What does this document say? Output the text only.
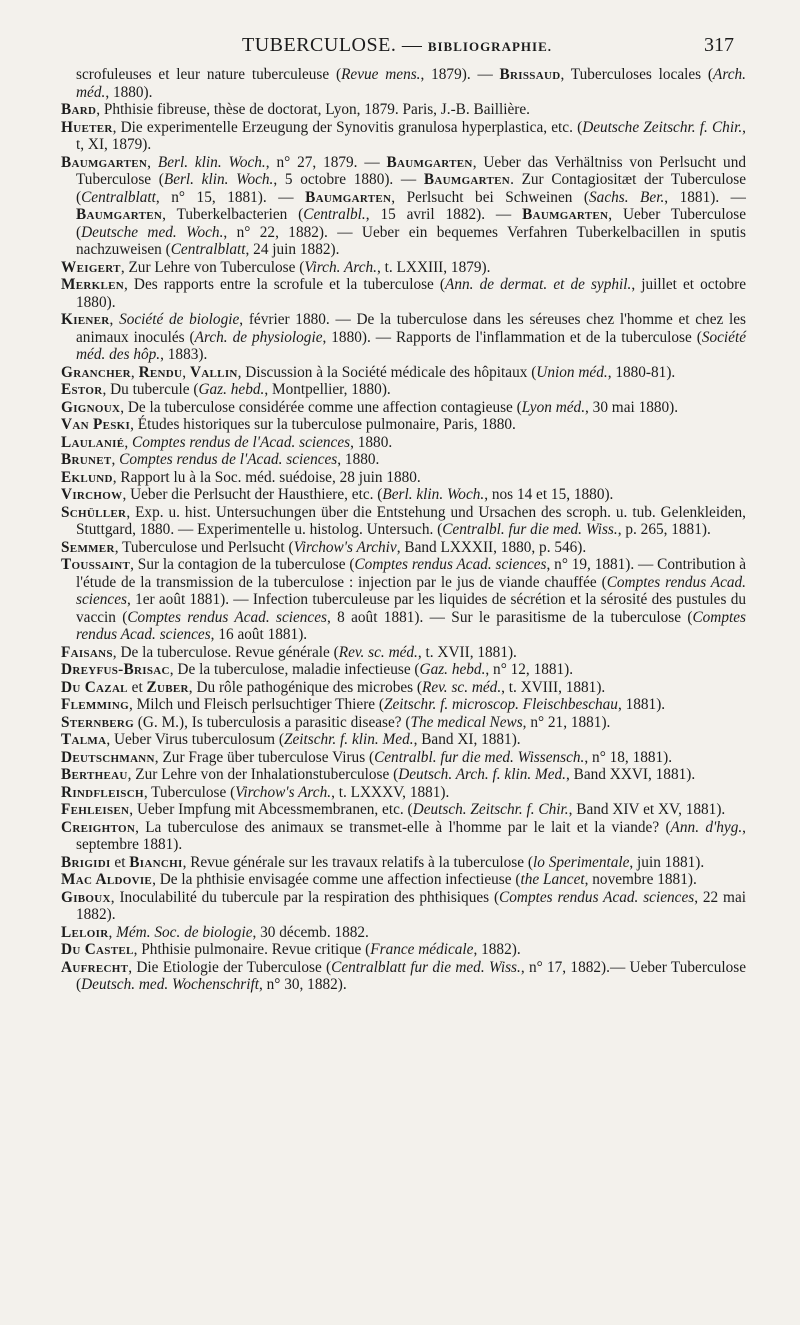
TUBERCULOSE. — BIBLIOGRAPHIE.	317

scrofuleuses et leur nature tuberculeuse (Revue mens., 1879). — Brissaud, Tuberculoses locales (Arch. méd., 1880).

Bard, Phthisie fibreuse, thèse de doctorat, Lyon, 1879. Paris, J.-B. Baillière.

Hueter, Die experimentelle Erzeugung der Synovitis granulosa hyperplastica, etc. (Deutsche Zeitschr. f. Chir., t, XI, 1879).

Baumgarten, Berl. klin. Woch., n° 27, 1879. — Baumgarten, Ueber das Verhältniss von Perlsucht und Tuberculose (Berl. klin. Woch., 5 octobre 1880). — Baumgarten. Zur Contagiositæt der Tuberculose (Centralblatt, n° 15, 1881). — Baumgarten, Perlsucht bei Schweinen (Sachs. Ber., 1881). — Baumgarten, Tuberkelbacterien (Centralbl., 15 avril 1882). — Baumgarten, Ueber Tuberculose (Deutsche med. Woch., n° 22, 1882). — Ueber ein bequemes Verfahren Tuberkelbacillen in sputis nachzuweisen (Centralblatt, 24 juin 1882).

Weigert, Zur Lehre von Tuberculose (Virch. Arch., t. LXXIII, 1879).

Merklen, Des rapports entre la scrofule et la tuberculose (Ann. de dermat. et de syphil., juillet et octobre 1880).

Kiener, Société de biologie, février 1880. — De la tuberculose dans les séreuses chez l'homme et chez les animaux inoculés (Arch. de physiologie, 1880). — Rapports de l'inflammation et de la tuberculose (Société méd. des hôp., 1883).

Grancher, Rendu, Vallin, Discussion à la Société médicale des hôpitaux (Union méd., 1880-81).

Estor, Du tubercule (Gaz. hebd., Montpellier, 1880).

Gignoux, De la tuberculose considérée comme une affection contagieuse (Lyon méd., 30 mai 1880).

Van Peski, Études historiques sur la tuberculose pulmonaire, Paris, 1880.

Laulanié, Comptes rendus de l'Acad. sciences, 1880.

Brunet, Comptes rendus de l'Acad. sciences, 1880.

Eklund, Rapport lu à la Soc. méd. suédoise, 28 juin 1880.

Virchow, Ueber die Perlsucht der Hausthiere, etc. (Berl. klin. Woch., nos 14 et 15, 1880).

Schüller, Exp. u. hist. Untersuchungen über die Entstehung und Ursachen des scroph. u. tub. Gelenkleiden, Stuttgard, 1880. — Experimentelle u. histolog. Untersuch. (Centralbl. fur die med. Wiss., p. 265, 1881).

Semmer, Tuberculose und Perlsucht (Virchow's Archiv, Band LXXXII, 1880, p. 546).

Toussaint, Sur la contagion de la tuberculose (Comptes rendus Acad. sciences, n° 19, 1881). — Contribution à l'étude de la transmission de la tuberculose : injection par le jus de viande chauffée (Comptes rendus Acad. sciences, 1er août 1881). — Infection tuberculeuse par les liquides de sécrétion et la sérosité des pustules du vaccin (Comptes rendus Acad. sciences, 8 août 1881). — Sur le parasitisme de la tuberculose (Comptes rendus Acad. sciences, 16 août 1881).

Faisans, De la tuberculose. Revue générale (Rev. sc. méd., t. XVII, 1881).

Dreyfus-Brisac, De la tuberculose, maladie infectieuse (Gaz. hebd., n° 12, 1881).

Du Cazal et Zuber, Du rôle pathogénique des microbes (Rev. sc. méd., t. XVIII, 1881).

Flemming, Milch und Fleisch perlsuchtiger Thiere (Zeitschr. f. microscop. Fleischbeschau, 1881).

Sternberg (G. M.), Is tuberculosis a parasitic disease? (The medical News, n° 21, 1881).

Talma, Ueber Virus tuberculosum (Zeitschr. f. klin. Med., Band XI, 1881).

Deutschmann, Zur Frage über tuberculose Virus (Centralbl. fur die med. Wissensch., n° 18, 1881).

Bertheau, Zur Lehre von der Inhalationstuberculose (Deutsch. Arch. f. klin. Med., Band XXVI, 1881).

Rindfleisch, Tuberculose (Virchow's Arch., t. LXXXV, 1881).

Fehleisen, Ueber Impfung mit Abcessmembranen, etc. (Deutsch. Zeitschr. f. Chir., Band XIV et XV, 1881).

Creighton, La tuberculose des animaux se transmet-elle à l'homme par le lait et la viande? (Ann. d'hyg., septembre 1881).

Brigidi et Bianchi, Revue générale sur les travaux relatifs à la tuberculose (lo Sperimentale, juin 1881).

Mac Aldovie, De la phthisie envisagée comme une affection infectieuse (the Lancet, novembre 1881).

Giboux, Inoculabilité du tubercule par la respiration des phthisiques (Comptes rendus Acad. sciences, 22 mai 1882).

Leloir, Mém. Soc. de biologie, 30 décemb. 1882.

Du Castel, Phthisie pulmonaire. Revue critique (France médicale, 1882).

Aufrecht, Die Etiologie der Tuberculose (Centralblatt fur die med. Wiss., n° 17, 1882).— Ueber Tuberculose (Deutsch. med. Wochenschrift, n° 30, 1882).
